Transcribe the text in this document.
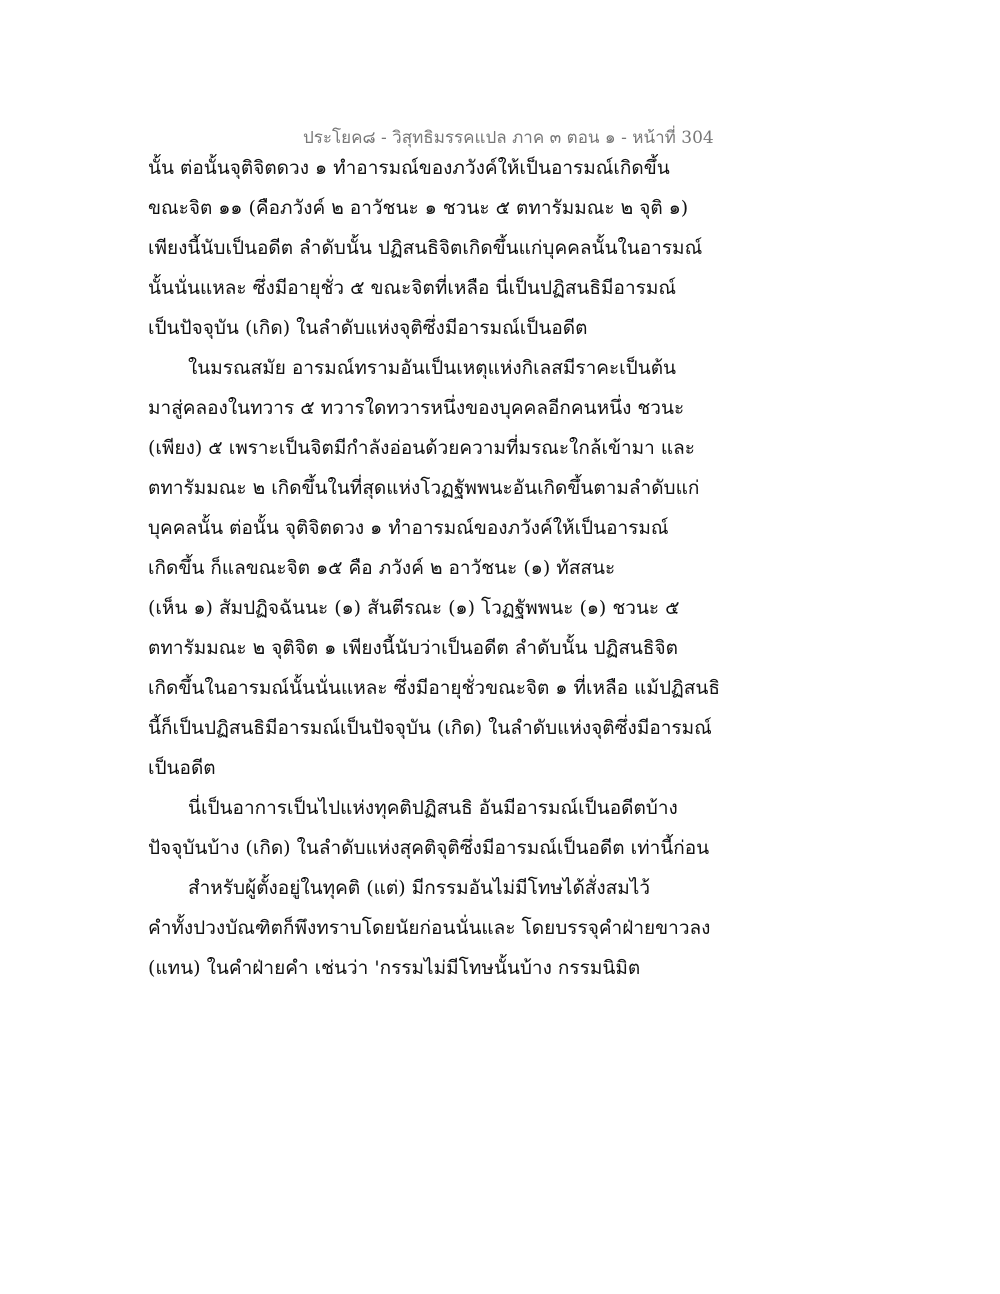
ประโยค๘ - วิสุทธิมรรคแปล ภาค ๓ ตอน ๑ - หน้าที่ 304
นั้น ต่อนั้นจุติจิตดวง ๑ ทำอารมณ์ของภวังค์ให้เป็นอารมณ์เกิดขึ้น
ขณะจิต ๑๑ (คือภวังค์ ๒ อาวัชนะ ๑ ชวนะ ๕ ตทารัมมณะ ๒ จุติ ๑)
เพียงนี้นับเป็นอดีต ลำดับนั้น ปฏิสนธิจิตเกิดขึ้นแก่บุคคลนั้นในอารมณ์
นั้นนั่นแหละ ซึ่งมีอายุชั่ว ๕ ขณะจิตที่เหลือ นี่เป็นปฏิสนธิมีอารมณ์
เป็นปัจจุบัน (เกิด) ในลำดับแห่งจุติซึ่งมีอารมณ์เป็นอดีต
ในมรณสมัย อารมณ์ทรามอันเป็นเหตุแห่งกิเลสมีราคะเป็นต้น
มาสู่คลองในทวาร ๕ ทวารใดทวารหนึ่งของบุคคลอีกคนหนึ่ง ชวนะ
(เพียง) ๕ เพราะเป็นจิตมีกำลังอ่อนด้วยความที่มรณะใกล้เข้ามา และ
ตทารัมมณะ ๒ เกิดขึ้นในที่สุดแห่งโวฏฐัพพนะอันเกิดขึ้นตามลำดับแก่
บุคคลนั้น ต่อนั้น จุติจิตดวง ๑ ทำอารมณ์ของภวังค์ให้เป็นอารมณ์
เกิดขึ้น ก็แลขณะจิต ๑๕ คือ ภวังค์ ๒ อาวัชนะ (๑) ทัสสนะ
(เห็น ๑) สัมปฏิจฉันนะ (๑) สันตีรณะ (๑) โวฏฐัพพนะ (๑) ชวนะ ๕
ตทารัมมณะ ๒ จุติจิต ๑ เพียงนี้นับว่าเป็นอดีต ลำดับนั้น ปฏิสนธิจิต
เกิดขึ้นในอารมณ์นั้นนั่นแหละ ซึ่งมีอายุชั่วขณะจิต ๑ ที่เหลือ แม้ปฏิสนธิ
นี้ก็เป็นปฏิสนธิมีอารมณ์เป็นปัจจุบัน (เกิด) ในลำดับแห่งจุติซึ่งมีอารมณ์
เป็นอดีต
นี่เป็นอาการเป็นไปแห่งทุคติปฏิสนธิ อันมีอารมณ์เป็นอดีตบ้าง
ปัจจุบันบ้าง (เกิด) ในลำดับแห่งสุคติจุติซึ่งมีอารมณ์เป็นอดีต เท่านี้ก่อน
สำหรับผู้ตั้งอยู่ในทุคติ (แต่) มีกรรมอันไม่มีโทษได้สั่งสมไว้
คำทั้งปวงบัณฑิตก็พึงทราบโดยนัยก่อนนั่นและ โดยบรรจุคำฝ่ายขาวลง
(แทน) ในคำฝ่ายคำ เช่นว่า 'กรรมไม่มีโทษนั้นบ้าง กรรมนิมิต
